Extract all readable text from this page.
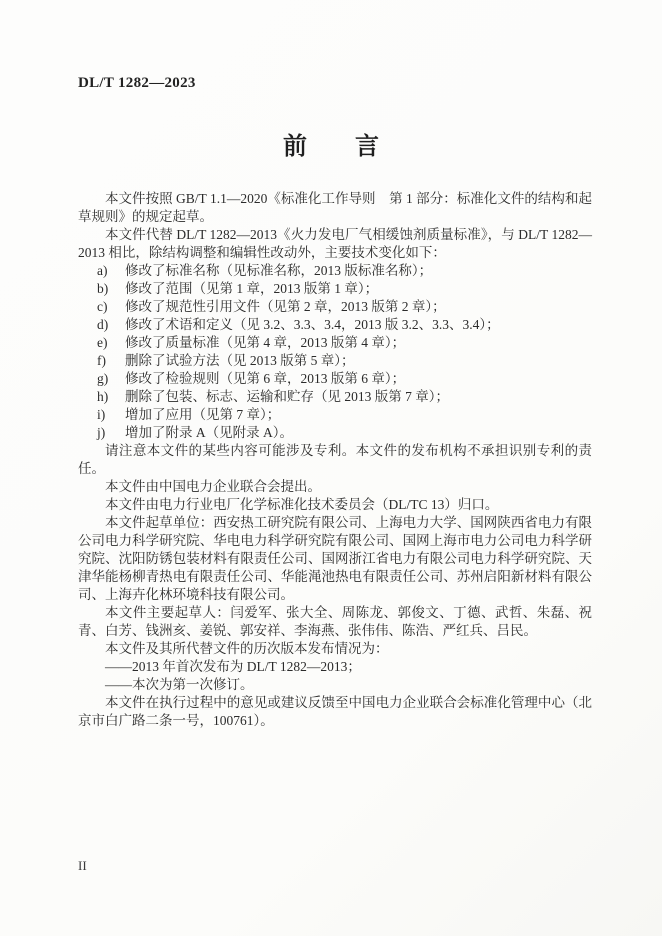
DL/T 1282—2023
前　　言

本文件按照 GB/T 1.1—2020《标准化工作导则　第 1 部分：标准化文件的结构和起草规则》的规定起草。

本文件代替 DL/T 1282—2013《火力发电厂气相缓蚀剂质量标准》，与 DL/T 1282—2013 相比，除结构调整和编辑性改动外，主要技术变化如下：

a) 修改了标准名称（见标准名称，2013 版标准名称）；
b) 修改了范围（见第 1 章，2013 版第 1 章）；
c) 修改了规范性引用文件（见第 2 章，2013 版第 2 章）；
d) 修改了术语和定义（见 3.2、3.3、3.4，2013 版 3.2、3.3、3.4）；
e) 修改了质量标准（见第 4 章，2013 版第 4 章）；
f) 删除了试验方法（见 2013 版第 5 章）；
g) 修改了检验规则（见第 6 章，2013 版第 6 章）；
h) 删除了包装、标志、运输和贮存（见 2013 版第 7 章）；
i) 增加了应用（见第 7 章）；
j) 增加了附录 A（见附录 A）。

请注意本文件的某些内容可能涉及专利。本文件的发布机构不承担识别专利的责任。

本文件由中国电力企业联合会提出。

本文件由电力行业电厂化学标准化技术委员会（DL/TC 13）归口。

本文件起草单位：西安热工研究院有限公司、上海电力大学、国网陕西省电力有限公司电力科学研究院、华电电力科学研究院有限公司、国网上海市电力公司电力科学研究院、沈阳防锈包装材料有限责任公司、国网浙江省电力有限公司电力科学研究院、天津华能杨柳青热电有限责任公司、华能渑池热电有限责任公司、苏州启阳新材料有限公司、上海卉化林环境科技有限公司。

本文件主要起草人：闫爱军、张大全、周陈龙、郭俊文、丁德、武哲、朱磊、祝青、白芳、钱洲亥、姜锐、郭安祥、李海燕、张伟伟、陈浩、严红兵、吕民。

本文件及其所代替文件的历次版本发布情况为：

——2013 年首次发布为 DL/T 1282—2013；
——本次为第一次修订。

本文件在执行过程中的意见或建议反馈至中国电力企业联合会标准化管理中心（北京市白广路二条一号，100761）。

II
